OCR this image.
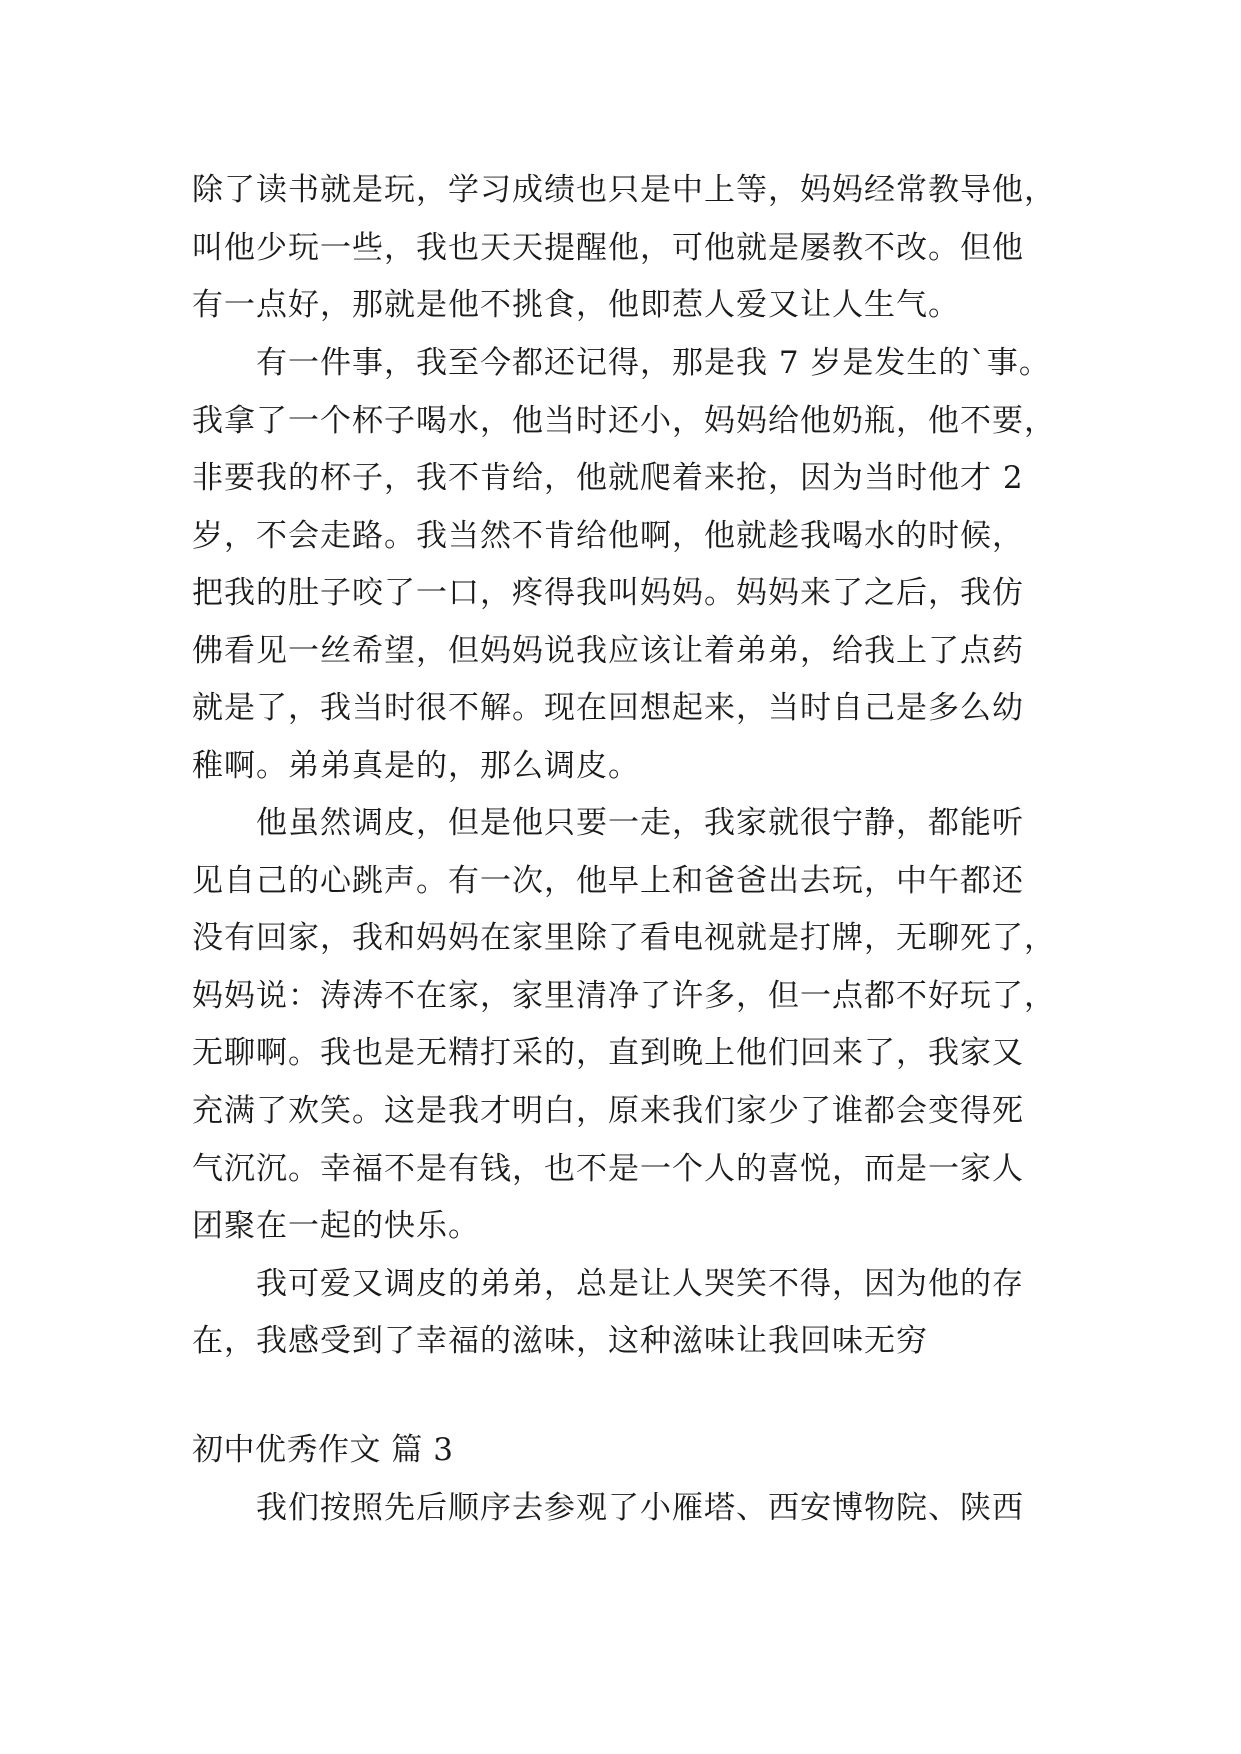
除了读书就是玩，学习成绩也只是中上等，妈妈经常教导他，
叫他少玩一些，我也天天提醒他，可他就是屡教不改。但他
有一点好，那就是他不挑食，他即惹人爱又让人生气。
有一件事，我至今都还记得，那是我 7 岁是发生的`事。
我拿了一个杯子喝水，他当时还小，妈妈给他奶瓶，他不要，
非要我的杯子，我不肯给，他就爬着来抢，因为当时他才 2
岁，不会走路。我当然不肯给他啊，他就趁我喝水的时候，
把我的肚子咬了一口，疼得我叫妈妈。妈妈来了之后，我仿
佛看见一丝希望，但妈妈说我应该让着弟弟，给我上了点药
就是了，我当时很不解。现在回想起来，当时自己是多么幼
稚啊。弟弟真是的，那么调皮。
他虽然调皮，但是他只要一走，我家就很宁静，都能听
见自己的心跳声。有一次，他早上和爸爸出去玩，中午都还
没有回家，我和妈妈在家里除了看电视就是打牌，无聊死了，
妈妈说：涛涛不在家，家里清净了许多，但一点都不好玩了，
无聊啊。我也是无精打采的，直到晚上他们回来了，我家又
充满了欢笑。这是我才明白，原来我们家少了谁都会变得死
气沉沉。幸福不是有钱，也不是一个人的喜悦，而是一家人
团聚在一起的快乐。
我可爱又调皮的弟弟，总是让人哭笑不得，因为他的存
在，我感受到了幸福的滋味，这种滋味让我回味无穷
初中优秀作文 篇 3
我们按照先后顺序去参观了小雁塔、西安博物院、陕西
